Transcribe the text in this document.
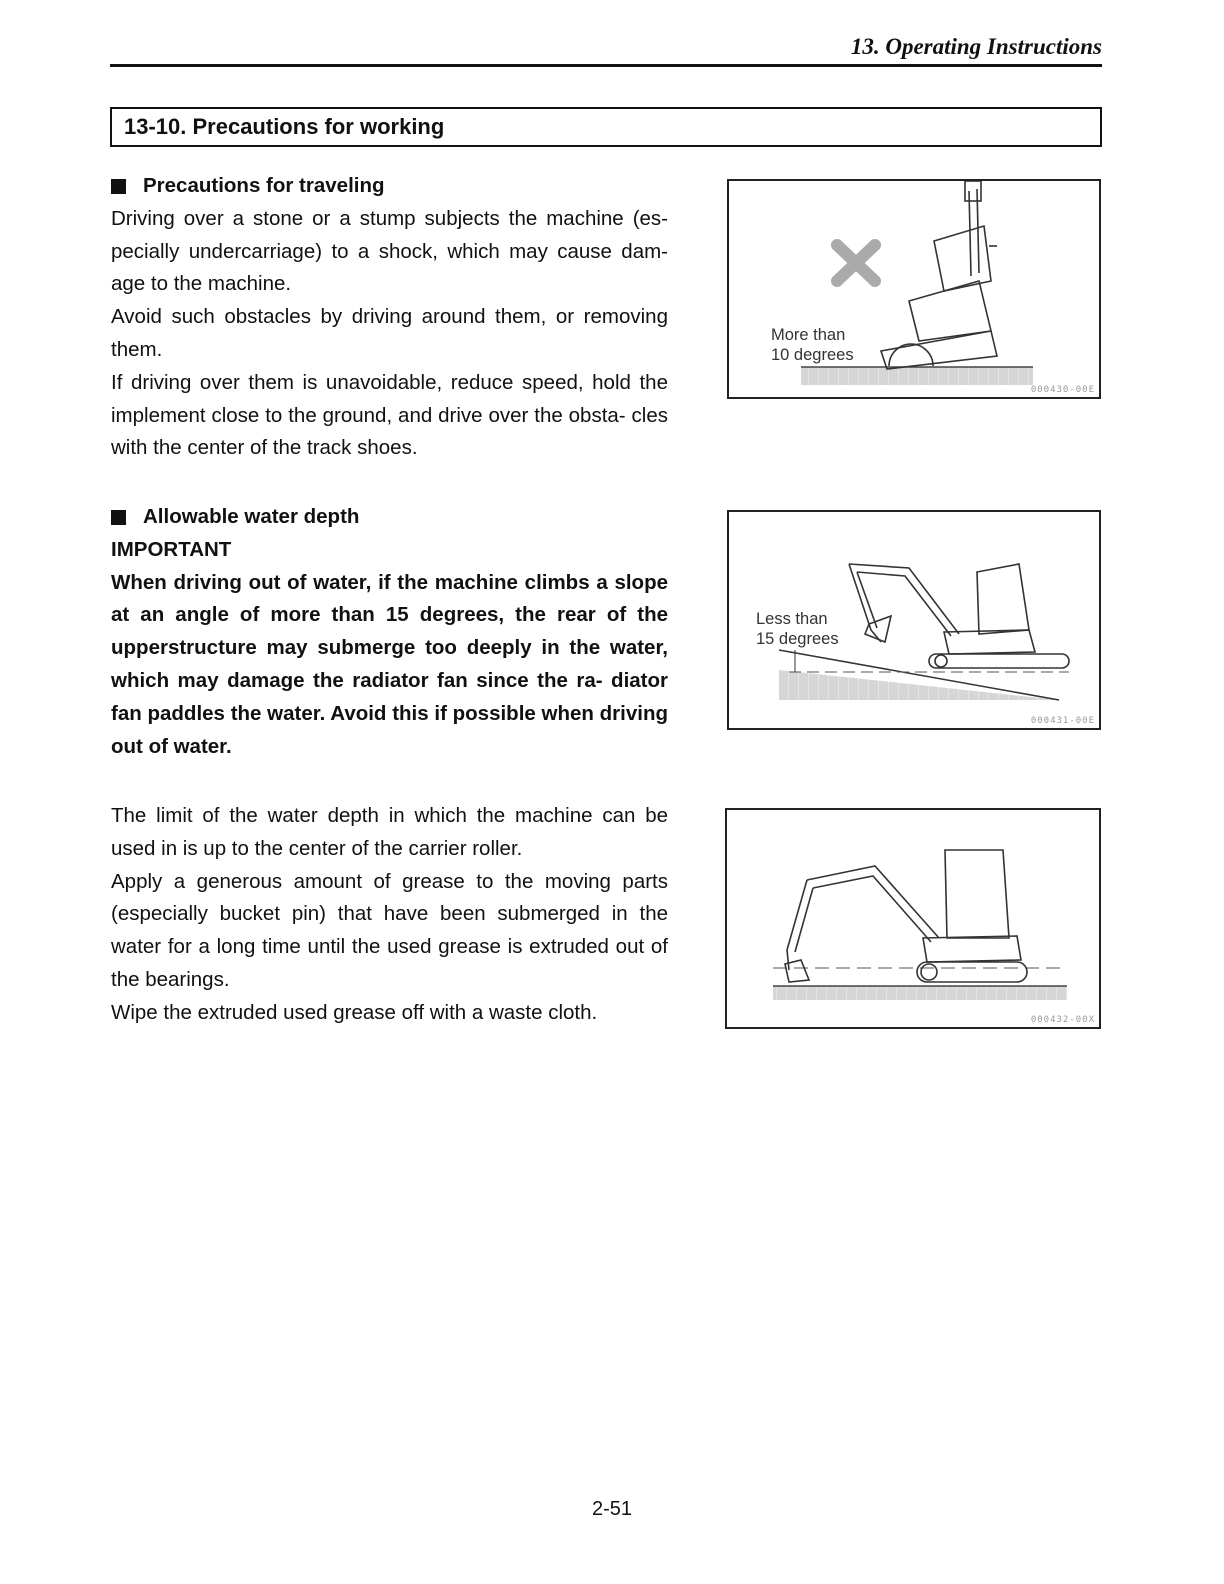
13. Operating Instructions
13-10. Precautions for working
Precautions for traveling

Driving over a stone or a stump subjects the machine (es- pecially undercarriage) to a shock, which may cause dam- age to the machine.

Avoid such obstacles by driving around them, or removing them.

If driving over them is unavoidable, reduce speed, hold the implement close to the ground, and drive over the obsta- cles with the center of the track shoes.

Allowable water depth

IMPORTANT

When driving out of water, if the machine climbs a slope at an angle of more than 15 degrees, the rear of the upperstructure may submerge too deeply in the water, which may damage the radiator fan since the ra- diator fan paddles the water. Avoid this if possible when driving out of water.

The limit of the water depth in which the machine can be used in is up to the center of the carrier roller.

Apply a generous amount of grease to the moving parts (especially bucket pin) that have been submerged in the water for a long time until the used grease is extruded out of the bearings.

Wipe the extruded used grease off with a waste cloth.

More than
10 degrees
000430-00E
Less than
15 degrees
000431-00E
000432-00X
2-51
